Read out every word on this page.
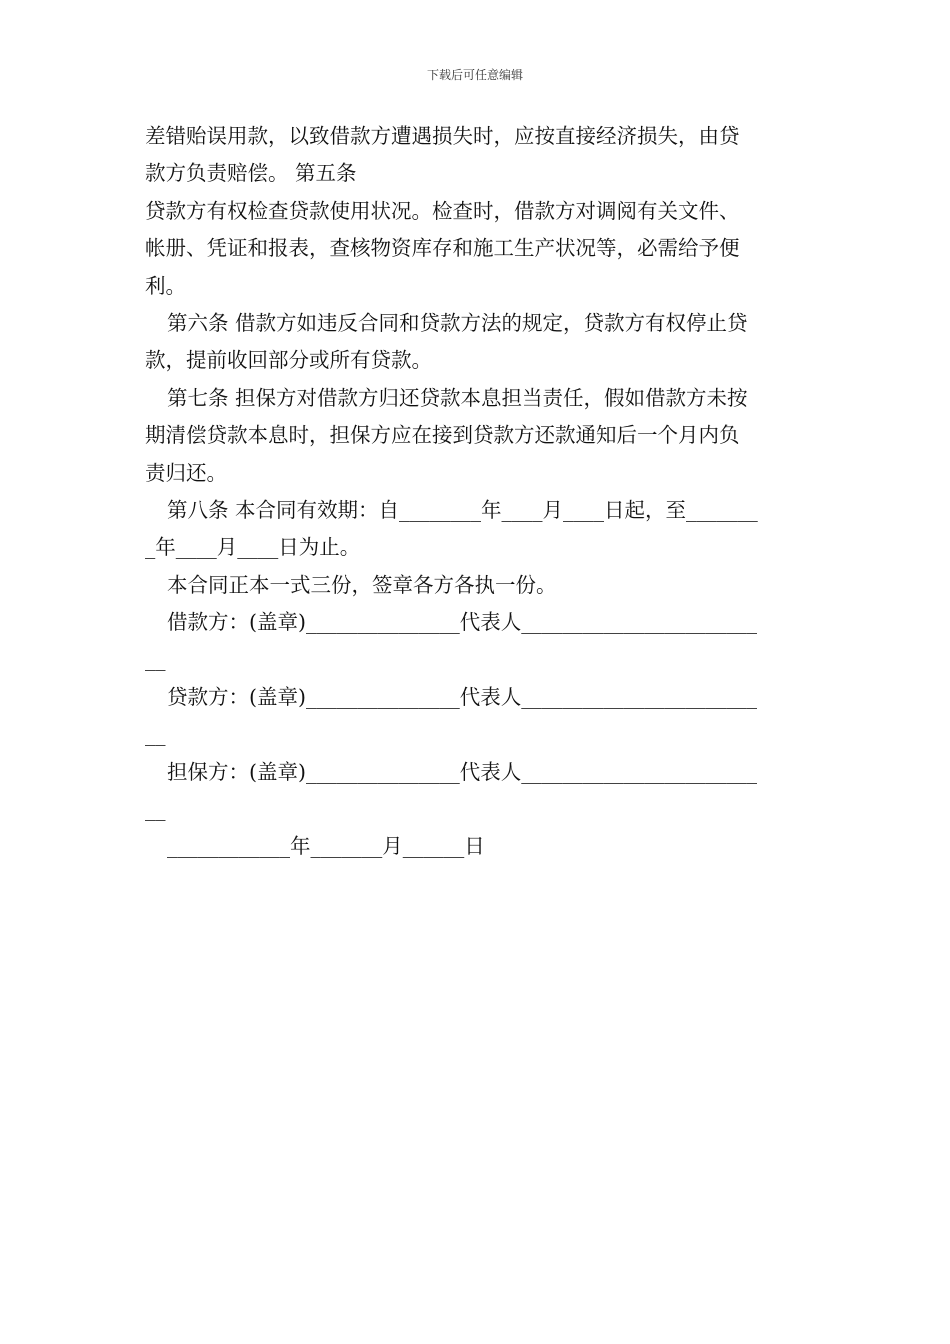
下载后可任意编辑
差错贻误用款，以致借款方遭遇损失时，应按直接经济损失，由贷
款方负责赔偿。 第五条
贷款方有权检查贷款使用状况。检查时，借款方对调阅有关文件、
帐册、凭证和报表，查核物资库存和施工生产状况等，必需给予便
利。
第六条 借款方如违反合同和贷款方法的规定，贷款方有权停止贷
款，提前收回部分或所有贷款。
第七条 担保方对借款方归还贷款本息担当责任，假如借款方未按
期清偿贷款本息时，担保方应在接到贷款方还款通知后一个月内负
责归还。
第八条 本合同有效期：自________年____月____日起，至_______
_年____月____日为止。
本合同正本一式三份，签章各方各执一份。
借款方：(盖章)_______________代表人_______________________
__
贷款方：(盖章)_______________代表人_______________________
__
担保方：(盖章)_______________代表人_______________________
__
____________年_______月______日
